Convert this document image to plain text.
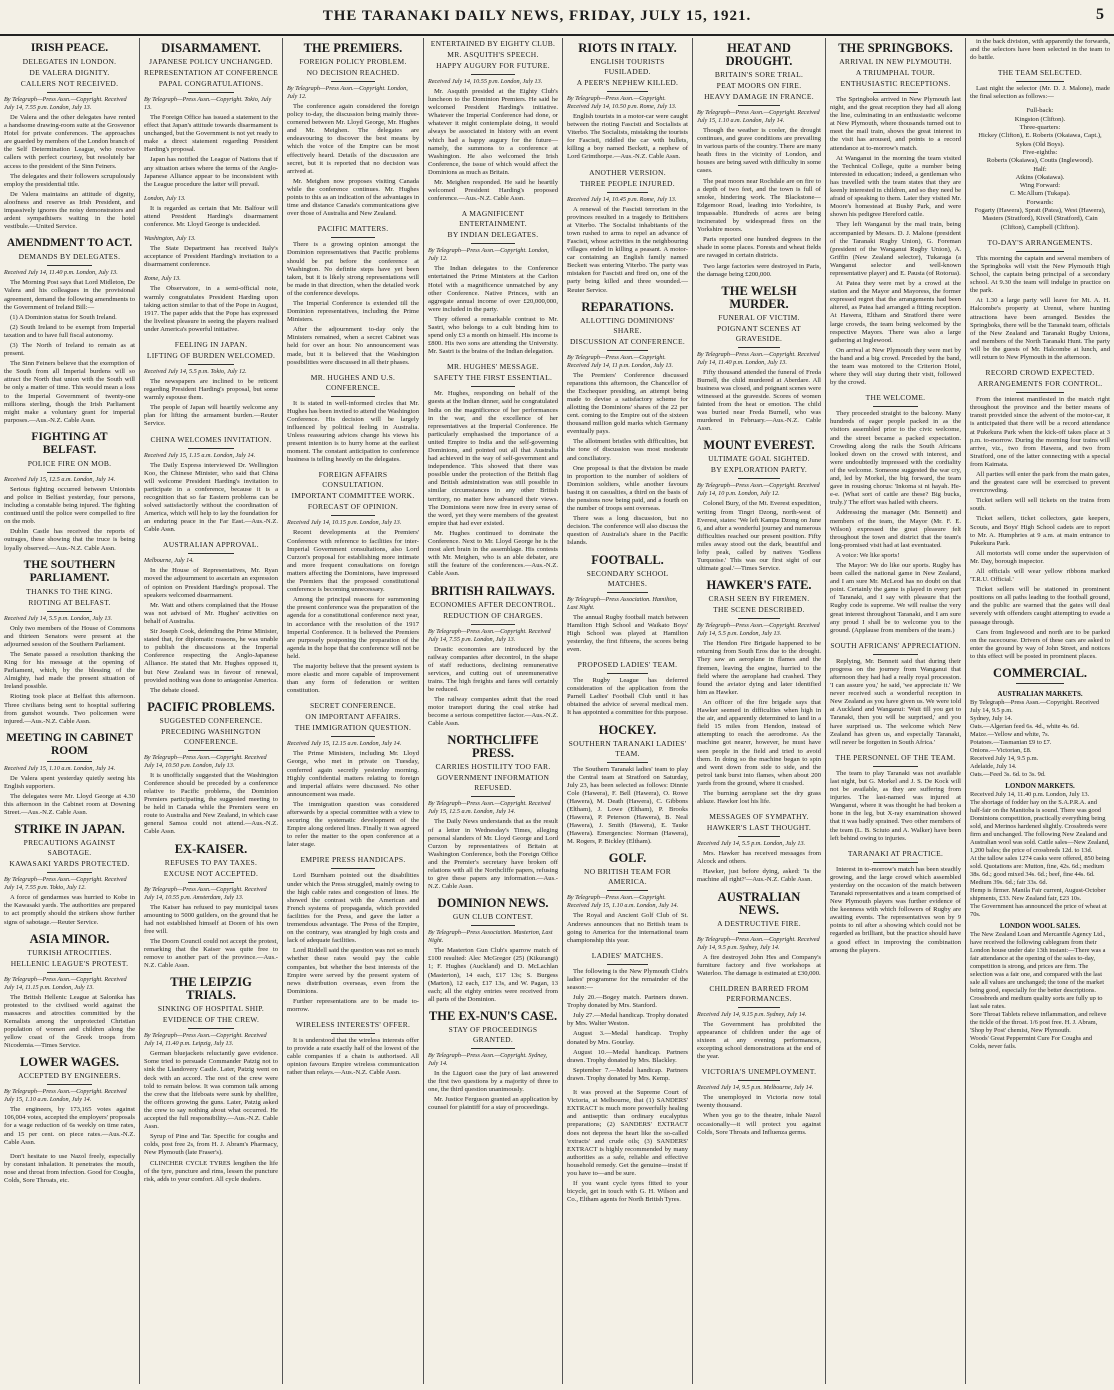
THE TARANAKI DAILY NEWS, FRIDAY, JULY 15, 1921.	5
IRISH PEACE.
DELEGATES IN LONDON.
DE VALERA DIGNITY.
CALLERS NOT RECEIVED.
By Telegraph—Press Assn.—Copyright. Received July 14, 7.55 p.m. London, July 13.

De Valera and the other delegates have rented a handsome drawing-room suite at the Grosvenor Hotel for private conferences. The approaches are guarded by members of the London branch of the Self Determination League, who receive callers with perfect courtesy, but resolutely bar access to the president of the Sinn Feiners.

The delegates and their followers scrupulously employ the presidential title.

De Valera maintains an attitude of dignity, aloofness and reserve as Irish President, and impassively ignores the noisy demonstrators and ardent sympathisers waiting in the hotel vestibule.—United Service.

AMENDMENT TO ACT.
DEMANDS BY DELEGATES.
Received July 14, 11.40 p.m. London, July 13.

The Morning Post says that Lord Midleton, De Valera and his colleagues in the provisional agreement, demand the following amendments to the Government of Ireland Bill:—

(1) A Dominion status for South Ireland.

(2) South Ireland to be exempt from Imperial taxation and to have full fiscal autonomy.

(3) The North of Ireland to remain as at present.

The Sinn Feiners believe that the exemption of the South from all Imperial burdens will so attract the North that union with the South will be only a matter of time. This would mean a loss to the Imperial Government of twenty-one millions sterling, though the Irish Parliament might make a voluntary grant for imperial purposes.—Aus.-N.Z. Cable Assn.

FIGHTING AT BELFAST.
POLICE FIRE ON MOB.
Received July 15, 12.5 a.m. London, July 14.

Serious fighting occurred between Unionists and police in Belfast yesterday, four persons, including a constable being injured. The fighting continued until the police were compelled to fire on the mob.

Dublin Castle has received the reports of outrages, these showing that the truce is being loyally observed.—Aus.-N.Z. Cable Assn.

THE SOUTHERN PARLIAMENT.
THANKS TO THE KING.
RIOTING AT BELFAST.
Received July 14, 5.5 p.m. London, July 13.

Only two members of the House of Commons and thirteen Senators were present at the adjourned session of the Southern Parliament.

The Senate passed a resolution thanking the King for his message at the opening of Parliament, which, by the blessing of the Almighty, had made the present situation of Ireland possible.

Rioting took place at Belfast this afternoon. Three civilians being sent to hospital suffering from gunshot wounds. Two policemen were injured.—Aus.-N.Z. Cable Assn.

MEETING IN CABINET ROOM
Received July 15, 1.10 a.m. London, July 14.

De Valera spent yesterday quietly seeing his English supporters.

The delegates were Mr. Lloyd George at 4.30 this afternoon in the Cabinet room at Downing Street.—Aus.-N.Z. Cable Assn.

STRIKE IN JAPAN.
PRECAUTIONS AGAINST SABOTAGE.
KAWASAKI YARDS PROTECTED.
By Telegraph—Press Assn.—Copyright. Received July 14, 7.55 p.m. Tokio, July 12.

A force of gendarmes was hurried to Kobe in the Kawasaki yards. The authorities are prepared to act promptly should the strikers show further signs of sabotage.—Reuter Service.

ASIA MINOR.
TURKISH ATROCITIES.
HELLENIC LEAGUE'S PROTEST.
By Telegraph—Press Assn.—Copyright. Received July 14, 11.15 p.m. London, July 13.

The British Hellenic League at Salonika has protested to the civilised world against the massacres and atrocities committed by the Kemalists among the unprotected Christian population of women and children along the yellow coast of the Greek troops from Nicodemia.—Times Service.

LOWER WAGES.
ACCEPTED BY ENGINEERS.
By Telegraph—Press Assn.—Copyright. Received July 15, 1.10 a.m. London, July 14.

The engineers, by 173,165 votes against 106,004 votes, accepted the employers' proposals for a wage reduction of 6s weekly on time rates, and 15 per cent. on piece rates.—Aus.-N.Z. Cable Assn.

Don't hesitate to use Nazol freely, especially by constant inhalation. It penetrates the mouth, nose and throat from infection. Good for Coughs, Colds, Sore Throats, etc.

DISARMAMENT.
JAPANESE POLICY UNCHANGED.
REPRESENTATION AT CONFERENCE
PAPAL CONGRATULATIONS.
By Telegraph—Press Assn.—Copyright. Tokio, July 13.

The Foreign Office has issued a statement to the effect that Japan's attitude towards disarmament is unchanged, but the Government is not yet ready to make a direct statement regarding President Harding's proposal.

Japan has notified the League of Nations that if any situation arises where the terms of the Anglo-Japanese Alliance appear to be inconsistent with the League procedure the latter will prevail.

London, July 13.

It is regarded as certain that Mr. Balfour will attend President Harding's disarmament conference. Mr. Lloyd George is undecided.

Washington, July 13.

The State Department has received Italy's acceptance of President Harding's invitation to a disarmament conference.

Rome, July 13.

The Observatore, in a semi-official note, warmly congratulates President Harding upon taking action similar to that of the Pope in August, 1917. The paper adds that the Pope has expressed the liveliest pleasure in seeing the players realised under America's powerful initiative.

FEELING IN JAPAN.
LIFTING OF BURDEN WELCOMED.
Received July 14, 5.5 p.m. Tokio, July 12.

The newspapers are inclined to be reticent regarding President Harding's proposal, but some warmly espouse them.

The people of Japan will heartily welcome any plan for lifting the armament burden.—Reuter Service.

CHINA WELCOMES INVITATION.
Received July 15, 1.15 a.m. London, July 14.

The Daily Express interviewed Dr. Wellington Koo, the Chinese Minister, who said that China will welcome President Harding's invitation to participate in a conference, because it is a recognition that so far Eastern problems can be solved satisfactorily without the coordination of America, which will help to lay the foundation for an enduring peace in the Far East.—Aus.-N.Z. Cable Assn.

AUSTRALIAN APPROVAL.
Melbourne, July 14.

In the House of Representatives, Mr. Ryan moved the adjournment to ascertain an expression of opinion on President Harding's proposal. The speakers welcomed disarmament.

Mr. Watt and others complained that the House was not advised of Mr. Hughes' activities on behalf of Australia.

Sir Joseph Cook, defending the Prime Minister, stated that, for diplomatic reasons, he was unable to publish the discussions at the Imperial Conference respecting the Anglo-Japanese Alliance. He stated that Mr. Hughes opposed it, but New Zealand was in favour of renewal, provided nothing was done to antagonise America.

The debate closed.

PACIFIC PROBLEMS.
SUGGESTED CONFERENCE.
PRECEDING WASHINGTON CONFERENCE.
By Telegraph—Press Assn.—Copyright. Received July 14, 10.50 p.m. London, July 13.

It is unofficially suggested that the Washington Conference should be preceded by a conference relative to Pacific problems, the Dominion Premiers participating, the suggested meeting to be held in Canada while the Premiers were en route to Australia and New Zealand, in which case general Samoa could not attend.—Aus.-N.Z. Cable Assn.

EX-KAISER.
REFUSES TO PAY TAXES.
EXCUSE NOT ACCEPTED.
By Telegraph—Press Assn.—Copyright. Received July 14, 10.55 p.m. Amsterdam, July 13.

The Kaiser has refused to pay municipal taxes amounting to 5000 guilders, on the ground that he had not established himself at Doorn of his own free will.

The Doorn Council could not accept the protest, remarking that the Kaiser was quite free to remove to another part of the province.—Aus.-N.Z. Cable Assn.

THE LEIPZIG TRIALS.
SINKING OF HOSPITAL SHIP.
EVIDENCE OF THE CREW.
By Telegraph—Press Assn.—Copyright. Received July 14, 11.40 p.m. Leipzig, July 13.

German bluejackets reluctantly gave evidence. Some tried to persuade Commander Patzig not to sink the Llandovery Castle. Later, Patzig went on deck with an accord. The rest of the crew were told to remain below. It was common talk among the crew that the lifeboats were sunk by shellfire, the officers growing the guns. Later, Patzig asked the crew to say nothing about what occurred. He accepted the full responsibility.—Aus.-N.Z. Cable Assn.

Syrup of Pine and Tar. Specific for coughs and colds, post free 2s, from H. J. Abram's Pharmacy, New Plymouth (late Fraser's).

CLINCHER CYCLE TYRES lengthen the life of the tyre, puncture and rims, lessen the puncture risk, adds to your comfort. All cycle dealers.

THE PREMIERS.
FOREIGN POLICY PROBLEM.
NO DECISION REACHED.
By Telegraph—Press Assn.—Copyright. London, July 12.

The conference again considered the foreign policy to-day, the discussion being mainly three-cornered between Mr. Lloyd George, Mr. Hughes and Mr. Meighen. The delegates are endeavouring to discover the best means by which the voice of the Empire can be most effectively heard. Details of the discussion are secret, but it is reported that no decision was arrived at.

Mr. Meighen now proposes visiting Canada while the conference continues. Mr. Hughes points to this as an indication of the advantages in time and distance Canada's communications give over those of Australia and New Zealand.

PACIFIC MATTERS.

There is a growing opinion amongst the Dominion representatives that Pacific problems should be put before the conference at Washington. No definite steps have yet been taken, but it is likely strong representations will be made in that direction, when the detailed work of the conference develops.

The Imperial Conference is extended till the Dominion representatives, including the Prime Ministers.

After the adjournment to-day only the Ministers remained, when a secret Cabinet was held for over an hour. No announcement was made, but it is believed that the Washington possibilities were discussed in all their phases.

MR. HUGHES AND U.S. CONFERENCE.

It is stated in well-informed circles that Mr. Hughes has been invited to attend the Washington Conference. His decision will be largely influenced by political feeling in Australia. Unless reassuring advices change his views his present intention is to hurry home at the earliest moment. The constant anticipation to conference business is telling heavily on the delegates.

FOREIGN AFFAIRS CONSULTATION.
IMPORTANT COMMITTEE WORK.
FORECAST OF OPINION.
Received July 14, 10.15 p.m. London, July 13.

Recent developments at the Premiers' Conference with reference to facilities for inter-Imperial Government consultations, also Lord Curzon's proposal for establishing more intimate and more frequent consultations on foreign matters affecting the Dominions, have impressed the Premiers that the proposed constitutional conference is becoming unnecessary.

Among the principal reasons for summoning the present conference was the preparation of the agenda for a constitutional conference next year, in accordance with the resolution of the 1917 Imperial Conference. It is believed the Premiers are purposely postponing the preparation of the agenda in the hope that the conference will not be held.

The majority believe that the present system is more elastic and more capable of improvement than any form of federation or written constitution.

SECRET CONFERENCE.
ON IMPORTANT AFFAIRS.
THE IMMIGRATION QUESTION.
Received July 15, 12.15 a.m. London, July 14.

The Prime Ministers, including Mr. Lloyd George, who met in private on Tuesday, conferred again secretly yesterday morning. Highly confidential matters relating to foreign and imperial affairs were discussed. No other announcement was made.

The immigration question was considered afterwards by a special committee with a view to securing the systematic development of the Empire along ordered lines. Finally it was agreed to refer the matter to the open conference at a later stage.

EMPIRE PRESS HANDICAPS.

Lord Burnham pointed out the disabilities under which the Press struggled, mainly owing to the high cable rates and congestion of lines. He showed the contrast with the American and French systems of propaganda, which provided facilities for the Press, and gave the latter a tremendous advantage. The Press of the Empire, on the contrary, was strangled by high costs and lack of adequate facilities.

Lord Riddell said the question was not so much whether these rates would pay the cable companies, but whether the best interests of the Empire were served by the present system of news distribution overseas, even from the Dominions.

Further representations are to be made to-morrow.

WIRELESS INTERESTS' OFFER.

It is understood that the wireless interests offer to provide a rate exactly half of the lowest of the cable companies if a chain is authorised. All opinion favours Empire wireless communication rather than relays.—Aus.-N.Z. Cable Assn.

ENTERTAINED BY EIGHTY CLUB.
MR. ASQUITH'S SPEECH.
HAPPY AUGURY FOR FUTURE.
Received July 14, 10.55 p.m. London, July 13.

Mr. Asquith presided at the Eighty Club's luncheon to the Dominion Premiers. He said he welcomed President Harding's initiative. Whatever the Imperial Conference had done, or whatever it might contemplate doing, it would always be associated in history with an event which had a happy augury for the future—namely, the summons to a conference at Washington. He also welcomed the Irish Conference, the issue of which would affect the Dominions as much as Britain.

Mr. Meighen responded. He said he heartily welcomed President Harding's proposed conference.—Aus.-N.Z. Cable Assn.

A MAGNIFICENT ENTERTAINMENT.
BY INDIAN DELEGATES.
By Telegraph—Press Assn.—Copyright. London, July 12.

The Indian delegates to the Conference entertained the Prime Ministers at the Carlton Hotel with a magnificence unmatched by any other Conference. Native Princes, with an aggregate annual income of over £20,000,000, were included in the party.

They offered a remarkable contrast to Mr. Sastri, who belongs to a cult binding him to spend only £3 a month on himself. His income is £800. His two sons are attending the University. Mr. Sastri is the brains of the Indian delegation.

MR. HUGHES' MESSAGE.
SAFETY THE FIRST ESSENTIAL.

Mr. Hughes, responding on behalf of the guests at the Indian dinner, said he congratulated India on the magnificence of her performances in the war, and the excellence of her representatives at the Imperial Conference. He particularly emphasised the importance of a united Empire to India and the self-governing Dominions, and pointed out all that Australia had achieved in the way of self-government and independence. This showed that there was possible under the protection of the British flag and British administration was still possible in similar circumstances in any other British territory, no matter how advanced their views. The Dominions were now free in every sense of the word, yet they were members of the greatest empire that had ever existed.

Mr. Hughes continued to dominate the Conference. Next to Mr. Lloyd George he is the most alert brain in the assemblage. His contests with Mr. Meighen, who is an able debater, are still the feature of the conferences.—Aus.-N.Z. Cable Assn.

BRITISH RAILWAYS.
ECONOMIES AFTER DECONTROL.
REDUCTION OF CHARGES.
By Telegraph—Press Assn.—Copyright. Received July 14, 7.55 p.m. London, July 13.

Drastic economies are introduced by the railway companies after decontrol, in the shape of staff reductions, declining remunerative services, and cutting out of unremunerative trains. The high freights and fares will certainly be reduced.

The railway companies admit that the road motor transport during the coal strike had become a serious competitive factor.—Aus.-N.Z. Cable Assn.

NORTHCLIFFE PRESS.
CARRIES HOSTILITY TOO FAR.
GOVERNMENT INFORMATION REFUSED.
By Telegraph—Press Assn.—Copyright. Received July 15, 12.5 a.m. London, July 14.

The Daily News understands that as the result of a letter in Wednesday's Times, alleging personal slanders of Mr. Lloyd George and Lord Curzon by representatives of Britain at Washington Conference, both the Foreign Office and the Premier's secretary have broken off relations with all the Northcliffe papers, refusing to give these papers any information.—Aus.-N.Z. Cable Assn.

DOMINION NEWS.
GUN CLUB CONTEST.
By Telegraph—Press Association. Masterton, Last Night.

The Masterton Gun Club's sparrow match of £100 resulted: Alec McGregor (25) (Kikurangi) 1; F. Hughes (Auckland) and D. McLachlan (Masterton), 14 each, £17 13s; S. Burgess (Marton), 12 each, £17 13s, and W. Pagan, 13 each; all the eighty entries were received from all parts of the Dominion.

THE EX-NUN'S CASE.
STAY OF PROCEEDINGS GRANTED.
By Telegraph—Press Assn.—Copyright. Sydney, July 14.

In the Liguori case the jury of last answered the first two questions by a majority of three to one, the third question unanimously.

Mr. Justice Ferguson granted an application by counsel for plaintiff for a stay of proceedings.

RIOTS IN ITALY.
ENGLISH TOURISTS FUSILADED.
A PEER'S NEPHEW KILLED.
By Telegraph—Press Assn.—Copyright. Received July 14, 10.50 p.m. Rome, July 13.

English tourists in a motor-car were caught between the rioting Fascisti and Socialists at Viterbo. The Socialists, mistaking the tourists for Fascisti, riddled the car with bullets, killing a boy named Beckett, a nephew of Lord Grimthorpe.—Aus.-N.Z. Cable Assn.

ANOTHER VERSION.
THREE PEOPLE INJURED.
Received July 14, 10.45 p.m. Rome, July 13.

A renewal of the Fascisti terrorism in the provinces resulted in a tragedy to Britishers at Viterbo. The Socialist inhabitants of the town rushed to arms to repel an advance of Fascisti, whose activities in the neighbouring villages ended in killing a peasant. A motor-car containing an English family named Beckett was entering Viterbo. The party was mistaken for Fascisti and fired on, one of the party being killed and three wounded.—Reuter Service.

REPARATIONS.
ALLOTTING DOMINIONS' SHARE.
DISCUSSION AT CONFERENCE.
By Telegraph—Press Assn.—Copyright. Received July 14, 11 p.m. London, July 13.

The Premiers' Conference discussed reparations this afternoon, the Chancellor of the Exchequer presiding, an attempt being made to devise a satisfactory scheme for allotting the Dominions' shares of the 22 per cent. coming to the Empire out of the sixteen thousand million gold marks which Germany eventually pays.

The allotment bristles with difficulties, but the tone of discussion was most moderate and conciliatory.

One proposal is that the division be made in proportion to the number of soldiers of Dominion soldiers, while another favours basing it on casualties, a third on the basis of the pensions now being paid, and a fourth on the number of troops sent overseas.

There was a long discussion, but no decision. The conference will also discuss the question of Australia's share in the Pacific Islands.

FOOTBALL.
SECONDARY SCHOOL MATCHES.
By Telegraph—Press Association. Hamilton, Last Night.

The annual Rugby football match between Hamilton High School and Waikato Boys' High School was played at Hamilton yesterday, the first fifteens, the scores being even.

PROPOSED LADIES' TEAM.

The Rugby League has deferred consideration of the application from the Parnell Ladies' Football Club until it has obtained the advice of several medical men. It has appointed a committee for this purpose.

HOCKEY.
SOUTHERN TARANAKI LADIES' TEAM.

The Southern Taranaki ladies' team to play the Central team at Stratford on Saturday, July 23, has been selected as follows: Dinnie Cole (Hawera), F. Bell (Hawera), O. Rowe (Hawera), M. Death (Hawera), C. Gibbons (Eltham), J. Lowe (Eltham), P. Brooks (Hawera), P. Peterson (Hawera), B. Neal (Hawera), J. Smith (Hawera), E. Tauke (Hawera). Emergencies: Norman (Hawera), M. Rogers, P. Bickley (Eltham).

GOLF.
NO BRITISH TEAM FOR AMERICA.
By Telegraph—Press Assn.—Copyright. Received July 15, 1.10 a.m. London, July 14.

The Royal and Ancient Golf Club of St. Andrews announces that no British team is going to America for the international team championship this year.

LADIES' MATCHES.

The following is the New Plymouth Club's ladies' programme for the remainder of the season:—

July 20.—Bogey match. Partners drawn. Trophy donated by Mrs. Stanford.

July 27.—Medal handicap. Trophy donated by Mrs. Walter Weston.

August 3.—Medal handicap. Trophy donated by Mrs. Gourlay.

August 10.—Medal handicap. Partners drawn. Trophy donated by Mrs. Blackley.

September 7.—Medal handicap. Partners drawn. Trophy donated by Mrs. Kemp.

It was proved at the Supreme Court of Victoria, at Melbourne, that (1) SANDERS' EXTRACT is much more powerfully healing and antiseptic than ordinary eucalyptus preparations; (2) SANDERS' EXTRACT does not depress the heart like the so-called 'extracts' and crude oils; (3) SANDERS' EXTRACT is highly recommended by many authorities as a safe, reliable and effective household remedy. Get the genuine—insist if you have to—and be sure.

If you want cycle tyres fitted to your bicycle, get in touch with G. H. Wilson and Co., Eltham agents for North British Tyres.

HEAT AND DROUGHT.
BRITAIN'S SORE TRIAL.
PEAT MOORS ON FIRE.
HEAVY DAMAGE IN FRANCE.
By Telegraph—Press Assn.—Copyright. Received July 15, 1.10 a.m. London, July 14.

Though the weather is cooler, the drought continues, and grave conditions are prevailing in various parts of the country. There are many heath fires in the vicinity of London, and houses are being saved with difficulty in some cases.

The peat moors near Rochdale are on fire to a depth of two feet, and the town is full of smoke, hindering work. The Blackstone—Edgemoor Road, leading into Yorkshire, is impassable. Hundreds of acres are being incinerated by widespread fires on the Yorkshire moors.

Paris reported one hundred degrees in the shade in some places. Forests and wheat fields are ravaged in certain districts.

Two large factories were destroyed in Paris, the damage being £200,000.

THE WELSH MURDER.
FUNERAL OF VICTIM.
POIGNANT SCENES AT GRAVESIDE.
By Telegraph—Press Assn.—Copyright. Received July 14, 11.40 p.m. London, July 13.

Fifty thousand attended the funeral of Freda Burnell, the child murdered at Aberdare. All business was closed, and poignant scenes were witnessed at the graveside. Scores of women fainted from the heat or emotion. The child was buried near Freda Burnell, who was murdered in February.—Aus.-N.Z. Cable Assn.

MOUNT EVEREST.
ULTIMATE GOAL SIGHTED.
BY EXPLORATION PARTY.
By Telegraph—Press Assn.—Copyright. Received July 14, 10 p.m. London, July 12.

Colonel Bury, of the Mt. Everest expedition, writing from Tingri Dzong, north-west of Everest, states: 'We left Kampa Dzong on June 6, and after a wonderful journey and numerous difficulties reached our present position. Fifty miles away stood out the dark, beautiful and lofty peak, called by natives 'Godless Turquoise.' This was our first sight of our ultimate goal.'—Times Service.

HAWKER'S FATE.
CRASH SEEN BY FIREMEN.
THE SCENE DESCRIBED.
By Telegraph—Press Assn.—Copyright. Received July 14, 5.5 p.m. London, July 13.

The Hendon Fire Brigade happened to be returning from South Eros due to the drought. They saw an aeroplane in flames and the firemen, leaving the engine, hurried to the field where the aeroplane had crashed. They found the aviator dying and later identified him as Hawker.

An officer of the fire brigade says that Hawker seemed in difficulties when high in the air, and apparently determined to land in a field 15 miles from Hendon, instead of attempting to reach the aerodrome. As the machine got nearer, however, he must have seen people in the field and tried to avoid them. In doing so the machine began to spin and went down from side to side, and the petrol tank burst into flames, when about 200 yards from the ground, where it crashed.

The burning aeroplane set the dry grass ablaze. Hawker lost his life.

MESSAGES OF SYMPATHY.
HAWKER'S LAST THOUGHT.
Received July 14, 5.5 p.m. London, July 13.

Mrs. Hawker has received messages from Alcock and others.

Hawker, just before dying, asked: 'Is the machine all right?'—Aus.-N.Z. Cable Assn.

AUSTRALIAN NEWS.
A DESTRUCTIVE FIRE.
By Telegraph—Press Assn.—Copyright. Received July 14, 9.5 p.m. Sydney, July 14.

A fire destroyed John Hes and Company's furniture factory and five workshops at Waterloo. The damage is estimated at £30,000.

CHILDREN BARRED FROM PERFORMANCES.
Received July 14, 9.15 p.m. Sydney, July 14.

The Government has prohibited the appearance of children under the age of sixteen at any evening performances, excepting school demonstrations at the end of the year.

VICTORIA'S UNEMPLOYMENT.
Received July 14, 9.5 p.m. Melbourne, July 14.

The unemployed in Victoria now total twenty thousand.

When you go to the theatre, inhale Nazol occasionally—it will protect you against Colds, Sore Throats and Influenza germs.

THE SPRINGBOKS.
ARRIVAL IN NEW PLYMOUTH.
A TRIUMPHAL TOUR.
ENTHUSIASTIC RECEPTIONS.

The Springboks arrived in New Plymouth last night, and the great reception they had all along the line, culminating in an enthusiastic welcome at New Plymouth, where thousands turned out to meet the mail train, shows the great interest in the visit has aroused, and points to a record attendance at to-morrow's match.

At Wanganui in the morning the team visited the Technical College, quite a number being interested in education; indeed, a gentleman who has travelled with the team states that they are keenly interested in children, and so they need be afraid of speaking to them. Later they visited Mr. Moore's homestead at Bushy Park, and were shown his pedigree Hereford cattle.

They left Wanganui by the mail train, being accompanied by Messrs. D. J. Malone (president of the Taranaki Rugby Union), G. Foreman (president of the Wanganui Rugby Union), A. Griffin (New Zealand selector), Tukaraga (a Wanganui selector and well-known representative player) and E. Pausta (of Rotorua).

At Patea they were met by a crowd at the station and the Mayor and Mayoress, the former expressed regret that the arrangements had been altered, as Patea had arranged a fitting reception. At Hawera, Eltham and Stratford there were large crowds, the team being welcomed by the respective Mayors. There was also a large gathering at Inglewood.

On arrival at New Plymouth they were met by the band and a big crowd. Preceded by the band, the team was motored to the Criterion Hotel, where they will stay during their visit, followed by the crowd.

THE WELCOME.

They proceeded straight to the balcony. Many hundreds of eager people packed in as the visitors assembled prior to the civic welcome, and the street became a packed expectation. Crowding along the rails the South Africans looked down on the crowd with interest, and were undoubtedly impressed with the cordiality of the welcome. Someone suggested the war cry, and, led by Morkel, the big forward, the team gave in rousing chorus: 'Inkoma si ni hayah. He-e-e. (What sort of cattle are these? Big bucks, truly.)' The effort was hailed with cheers.

Addressing the manager (Mr. Bennett) and members of the team, the Mayor (Mr. F. E. Wilson) expressed the great pleasure felt throughout the town and district that the team's long-promised visit had at last eventuated.

A voice: We like sports!

The Mayor: We do like our sports. Rugby has been called the national game in New Zealand, and I am sure Mr. McLeod has no doubt on that point. Certainly the game is played in every part of Taranaki, and I say with pleasure that the Rugby code is supreme. We will realise the very great interest throughout Taranaki, and I am sure any proud I shall be to welcome you to the ground. (Applause from members of the team.)

SOUTH AFRICANS' APPRECIATION.

Replying, Mr. Bennett said that during their progress on the journey from Wanganui that afternoon they had had a really royal procession. 'I can assure you,' he said, 'we appreciate it.' We never received such a wonderful reception in New Zealand as you have given us. We were told at Auckland and Wanganui: 'Wait till you get to Taranaki, then you will be surprised,' and you have surprised us. The welcome which New Zealand has given us, and especially Taranaki, will never be forgotten in South Africa.'

THE PERSONNEL OF THE TEAM.

The team to play Taranaki was not available last night, but G. Morkel and J. S. De Kock will not be available, as they are suffering from injuries. The last-named was injured at Wanganui, where it was thought he had broken a bone in the leg, but X-ray examination showed that it was badly sprained. Two other members of the team (L. B. Sciuto and A. Walker) have been left behind owing to injuries.

TARANAKI AT PRACTICE.

Interest in to-morrow's match has been steadily growing, and the large crowd which assembled yesterday on the occasion of the match between Taranaki representatives and a team comprised of New Plymouth players was further evidence of the keenness with which followers of Rugby are awaiting events. The representatives won by 9 points to nil after a showing which could not be regarded as brilliant, but the practice should have a good effect in improving the combination among the players.

in the back division, with apparently the forwards, and the selectors have been selected in the team to do battle.

THE TEAM SELECTED.

Last night the selector (Mr. D. J. Malone), made the final selection as follows:—

Full-back:
Kingston (Clifton).
Three-quarters:
Hickey (Clifton), E. Roberts (Okaiawa, Capt.), Sykes (Old Boys).
Five-eighths:
Roberts (Okaiawa), Coutts (Inglewood).
Half:
Atkins (Okaiawa).
Wing Forward:
C. McAllum (Tukapa).
Forwards:
Fogarty (Hawera), Spratt (Patea), West (Hawera), Masters (Stratford), Kivell (Stratford), Cain (Clifton), Campbell (Clifton).
TO-DAY'S ARRANGEMENTS.

This morning the captain and several members of the Springboks will visit the New Plymouth High School, the captain being principal of a secondary school. At 9.30 the team will indulge in practice on the park.

At 1.30 a large party will leave for Mt. A. H. Halcombe's property at Urenui, where hunting attractions have been arranged. Besides the Springboks, there will be the Taranaki team, officials of the New Zealand and Taranaki Rugby Unions, and members of the North Taranaki Hunt. The party will be the guests of Mr. Halcombe at lunch, and will return to New Plymouth in the afternoon.

RECORD CROWD EXPECTED.
ARRANGEMENTS FOR CONTROL.

From the interest manifested in the match right throughout the province and the better means of transit provided since the advent of the motor-car, it is anticipated that there will be a record attendance at Pukekura Park when the kick-off takes place at 3 p.m. to-morrow. During the morning four trains will arrive, viz., two from Hawera, and two from Stratford, one of the latter connecting with a special from Kaimata.

All parties will enter the park from the main gates, and the greatest care will be exercised to prevent overcrowding.

Ticket sellers will sell tickets on the trains from south.

Ticket sellers, ticket collectors, gate keepers, Scouts, and Boys' High School cadets are to report to Mr. A. Humphries at 9 a.m. at main entrance to Pukekura Park.

All motorists will come under the supervision of Mr. Day, borough inspector.

All officials will wear yellow ribbons marked 'T.R.U. Official.'

Ticket sellers will be stationed in prominent positions on all paths leading to the football ground, and the public are warned that the gates will deal severely with offenders caught attempting to evade a passage through.

Cars from Inglewood and north are to be parked on the racecourse. Drivers of these cars are asked to enter the ground by way of John Street, and notices to this effect will be posted in prominent places.

COMMERCIAL.
AUSTRALIAN MARKETS.
By Telegraph—Press Assn.—Copyright. Received July 14, 9.5 p.m.
Sydney, July 14.
Oats.—Algerian feed 6s. 4d., white 4s. 6d.
Maize.—Yellow and white, 7s.
Potatoes.—Tasmanian £9 to £7.
Onions.—Victorian, £8.
Received July 14, 9.5 p.m.
Adelaide, July 14.
Oats.—Feed 3s. 6d. to 3s. 9d.
LONDON MARKETS.
Received July 14, 11.40 p.m. London, July 13.
The shortage of fodder hay on the S.A.P.R.A. and half-fair on the Manitoba is sound. There was good Dominions competition, practically everything being sold, and Merinos hardened slightly. Crossbreds were firm and unchanged. The following New Zealand and Australian wool was sold. Cattle sales—New Zealand, 1,200 bales; the price of crossbreds 12d. to 13d.
At the tallow sales 1274 casks were offered, 850 being sold. Quotations are: Mutton, fine, 42s. 6d.; medium 38s. 6d.; good mixed 34s. 6d.; beef, fine 44s. 6d. Medium 39s. 6d.; fair 33s. 6d.
Hemp is firmer. Manila Fair current, August-October shipments, £33. New Zealand fair, £23 10s.
The Government has announced the price of wheat at 70s.
LONDON WOOL SALES.
The New Zealand Loan and Mercantile Agency Ltd., have received the following cablegram from their London house under date 13th instant:—There was a fair attendance at the opening of the sales to-day, competition is strong, and prices are firm. The selection was a fair one, and compared with the last sale all values are unchanged; the tone of the market being good, especially for the better descriptions. Crossbreds and medium quality sorts are fully up to last sale rates.
Sore Throat Tablets relieve inflammation, and relieve the tickle of the throat. 1/6 post free. H. J. Abram, 'Shop by Post' chemist, New Plymouth.
Woods' Great Peppermint Cure For Coughs and Colds, never fails.
